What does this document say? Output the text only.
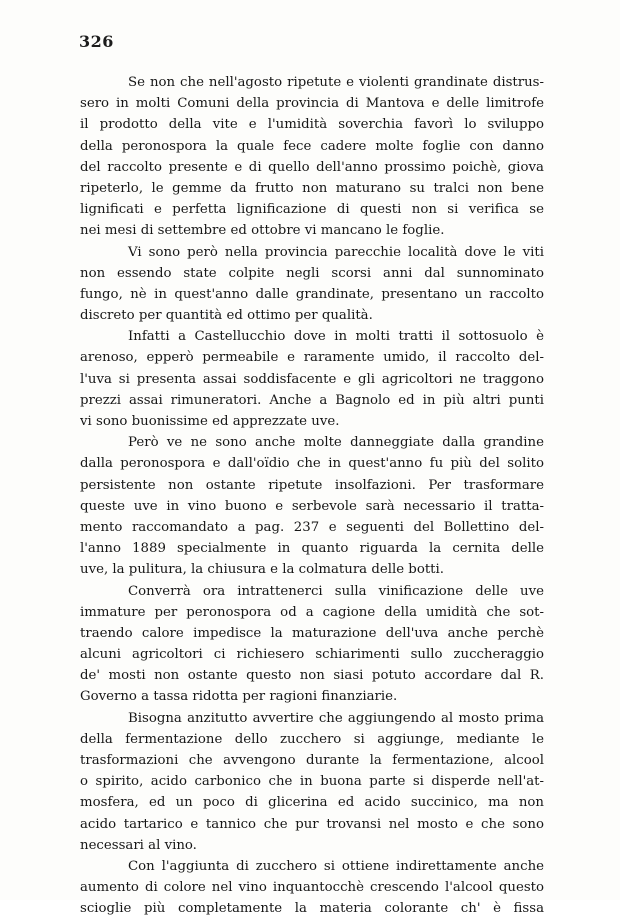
326
Se non che nell'agosto ripetute e violenti grandinate distrus-
sero in molti Comuni della provincia di Mantova e delle limitrofe
il prodotto della vite e l'umidità soverchia favorì lo sviluppo
della peronospora la quale fece cadere molte foglie con danno
del raccolto presente e di quello dell'anno prossimo poichè, giova
ripeterlo, le gemme da frutto non maturano su tralci non bene
lignificati e perfetta lignificazione di questi non si verifica se
nei mesi di settembre ed ottobre vi mancano le foglie.
Vi sono però nella provincia parecchie località dove le viti
non essendo state colpite negli scorsi anni dal sunnominato
fungo, nè in quest'anno dalle grandinate, presentano un raccolto
discreto per quantità ed ottimo per qualità.
Infatti a Castellucchio dove in molti tratti il sottosuolo è
arenoso, epperò permeabile e raramente umido, il raccolto del-
l'uva si presenta assai soddisfacente e gli agricoltori ne traggono
prezzi assai rimuneratori. Anche a Bagnolo ed in più altri punti
vi sono buonissime ed apprezzate uve.
Però ve ne sono anche molte danneggiate dalla grandine
dalla peronospora e dall'oïdio che in quest'anno fu più del solito
persistente non ostante ripetute insolfazioni. Per trasformare
queste uve in vino buono e serbevole sarà necessario il tratta-
mento raccomandato a pag. 237 e seguenti del Bollettino del-
l'anno 1889 specialmente in quanto riguarda la cernita delle
uve, la pulitura, la chiusura e la colmatura delle botti.
Converrà ora intrattenerci sulla vinificazione delle uve
immature per peronospora od a cagione della umidità che sot-
traendo calore impedisce la maturazione dell'uva anche perchè
alcuni agricoltori ci richiesero schiarimenti sullo zuccheraggio
de' mosti non ostante questo non siasi potuto accordare dal R.
Governo a tassa ridotta per ragioni finanziarie.
Bisogna anzitutto avvertire che aggiungendo al mosto prima
della fermentazione dello zucchero si aggiunge, mediante le
trasformazioni che avvengono durante la fermentazione, alcool
o spirito, acido carbonico che in buona parte si disperde nell'at-
mosfera, ed un poco di glicerina ed acido succinico, ma non
acido tartarico e tannico che pur trovansi nel mosto e che sono
necessari al vino.
Con l'aggiunta di zucchero si ottiene indirettamente anche
aumento di colore nel vino inquantocchè crescendo l'alcool questo
scioglie più completamente la materia colorante ch' è fissa
